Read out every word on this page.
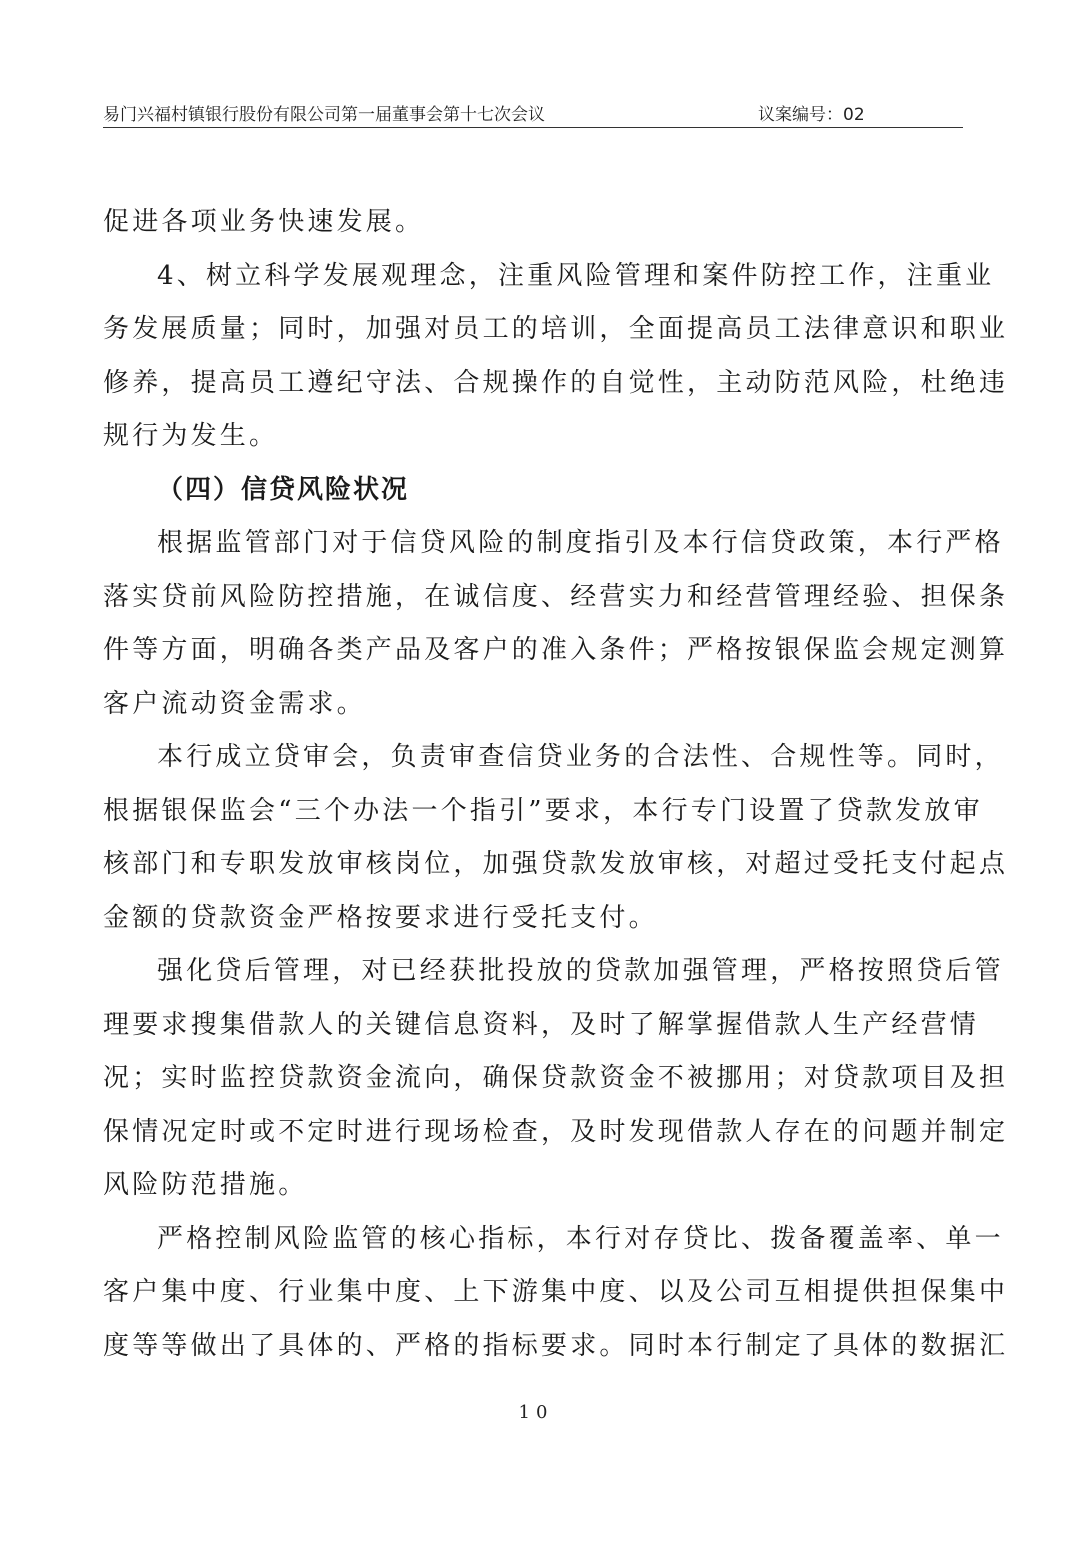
易门兴福村镇银行股份有限公司第一届董事会第十七次会议	议案编号：02
促进各项业务快速发展。
4、树立科学发展观理念，注重风险管理和案件防控工作，注重业
务发展质量；同时，加强对员工的培训，全面提高员工法律意识和职业
修养，提高员工遵纪守法、合规操作的自觉性，主动防范风险，杜绝违
规行为发生。
（四）信贷风险状况
根据监管部门对于信贷风险的制度指引及本行信贷政策，本行严格
落实贷前风险防控措施，在诚信度、经营实力和经营管理经验、担保条
件等方面，明确各类产品及客户的准入条件；严格按银保监会规定测算
客户流动资金需求。
本行成立贷审会，负责审查信贷业务的合法性、合规性等。同时，
根据银保监会“三个办法一个指引”要求，本行专门设置了贷款发放审
核部门和专职发放审核岗位，加强贷款发放审核，对超过受托支付起点
金额的贷款资金严格按要求进行受托支付。
强化贷后管理，对已经获批投放的贷款加强管理，严格按照贷后管
理要求搜集借款人的关键信息资料，及时了解掌握借款人生产经营情
况；实时监控贷款资金流向，确保贷款资金不被挪用；对贷款项目及担
保情况定时或不定时进行现场检查，及时发现借款人存在的问题并制定
风险防范措施。
严格控制风险监管的核心指标，本行对存贷比、拨备覆盖率、单一
客户集中度、行业集中度、上下游集中度、以及公司互相提供担保集中
度等等做出了具体的、严格的指标要求。同时本行制定了具体的数据汇
10
